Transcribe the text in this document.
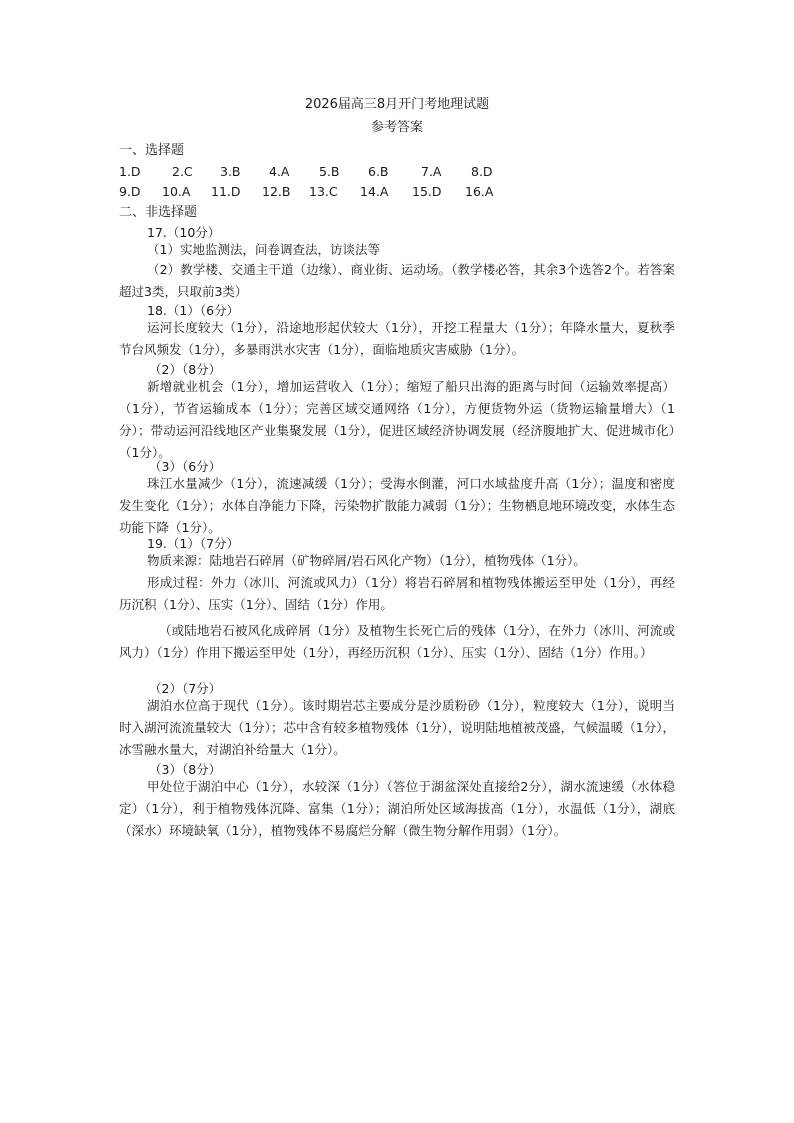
2026届高三8月开门考地理试题
参考答案
一、选择题
1.D	2.C 3.B 4.A 5.B 6.B	7.A 8.D
9.D 10.A 11.D 12.B 13.C 14.A 15.D 16.A
二、非选择题
17.（10分）
（1）实地监测法，问卷调查法，访谈法等
（2）教学楼、交通主干道（边缘）、商业街、运动场。（教学楼必答，其余3个选答2个。若答案超过3类，只取前3类）
18.（1）（6分）
运河长度较大（1分），沿途地形起伏较大（1分），开挖工程量大（1分）；年降水量大，夏秋季节台风频发（1分），多暴雨洪水灾害（1分），面临地质灾害威胁（1分）。
（2）（8分）
新增就业机会（1分），增加运营收入（1分）；缩短了船只出海的距离与时间（运输效率提高）（1分），节省运输成本（1分）；完善区域交通网络（1分），方便货物外运（货物运输量增大）（1分）；带动运河沿线地区产业集聚发展（1分），促进区域经济协调发展（经济腹地扩大、促进城市化）（1分）。
（3）（6分）
珠江水量减少（1分），流速减缓（1分）；受海水倒灌，河口水域盐度升高（1分）；温度和密度发生变化（1分）；水体自净能力下降，污染物扩散能力减弱（1分）；生物栖息地环境改变，水体生态功能下降（1分）。
19.（1）（7分）
物质来源：陆地岩石碎屑（矿物碎屑/岩石风化产物）（1分），植物残体（1分）。
形成过程：外力（冰川、河流或风力）（1分）将岩石碎屑和植物残体搬运至甲处（1分），再经历沉积（1分）、压实（1分）、固结（1分）作用。
（或陆地岩石被风化成碎屑（1分）及植物生长死亡后的残体（1分），在外力（冰川、河流或风力）（1分）作用下搬运至甲处（1分），再经历沉积（1分）、压实（1分）、固结（1分）作用。）
（2）（7分）
湖泊水位高于现代（1分）。该时期岩芯主要成分是沙质粉砂（1分），粒度较大（1分），说明当时入湖河流流量较大（1分）；芯中含有较多植物残体（1分），说明陆地植被茂盛，气候温暖（1分），冰雪融水量大，对湖泊补给量大（1分）。
（3）（8分）
甲处位于湖泊中心（1分），水较深（1分）（答位于湖盆深处直接给2分），湖水流速缓（水体稳定）（1分），利于植物残体沉降、富集（1分）；湖泊所处区域海拔高（1分），水温低（1分），湖底（深水）环境缺氧（1分），植物残体不易腐烂分解（微生物分解作用弱）（1分）。
